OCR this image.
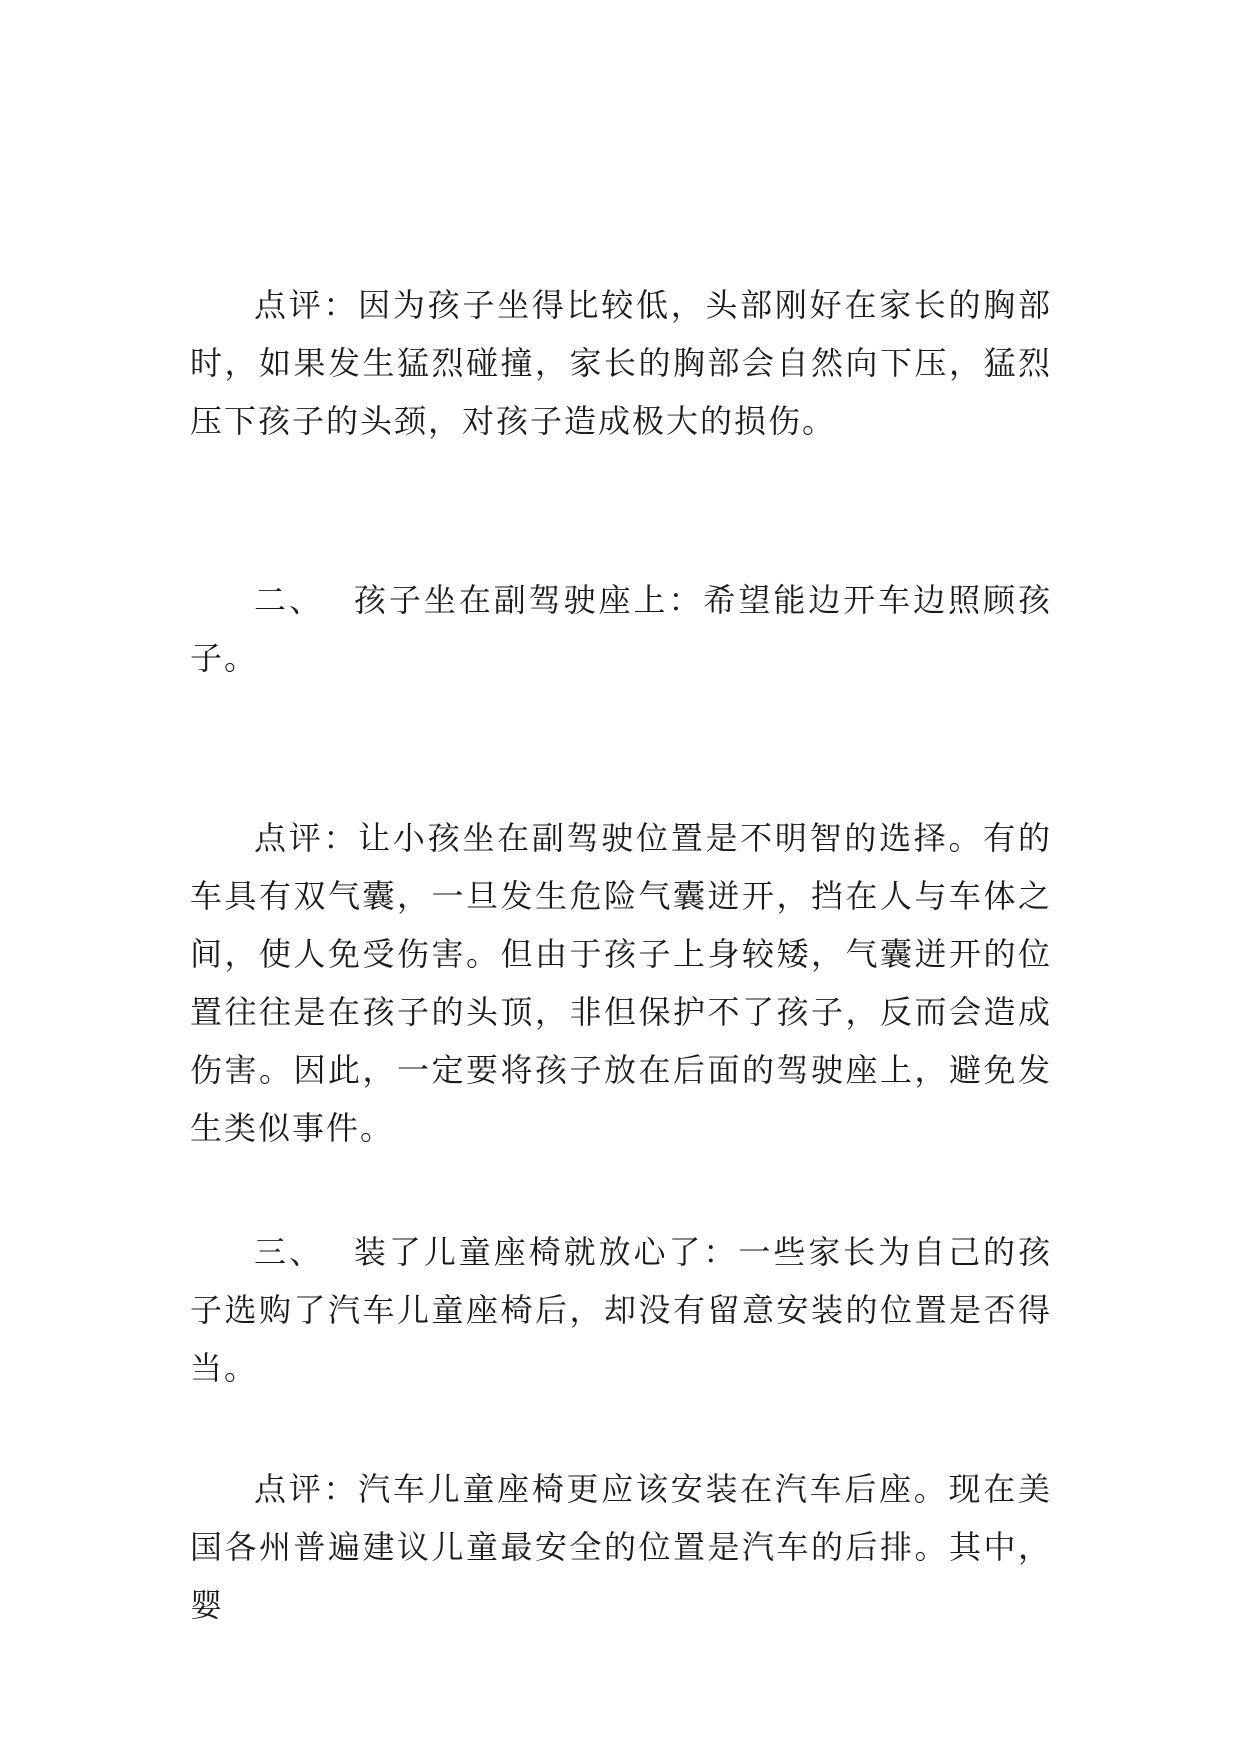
点评：因为孩子坐得比较低，头部刚好在家长的胸部时，如果发生猛烈碰撞，家长的胸部会自然向下压，猛烈压下孩子的头颈，对孩子造成极大的损伤。

二、 孩子坐在副驾驶座上：希望能边开车边照顾孩子。

点评：让小孩坐在副驾驶位置是不明智的选择。有的车具有双气囊，一旦发生危险气囊迸开，挡在人与车体之间，使人免受伤害。但由于孩子上身较矮，气囊迸开的位置往往是在孩子的头顶，非但保护不了孩子，反而会造成伤害。因此，一定要将孩子放在后面的驾驶座上，避免发生类似事件。

三、 装了儿童座椅就放心了：一些家长为自己的孩子选购了汽车儿童座椅后，却没有留意安装的位置是否得当。

点评：汽车儿童座椅更应该安装在汽车后座。现在美国各州普遍建议儿童最安全的位置是汽车的后排。其中，婴
